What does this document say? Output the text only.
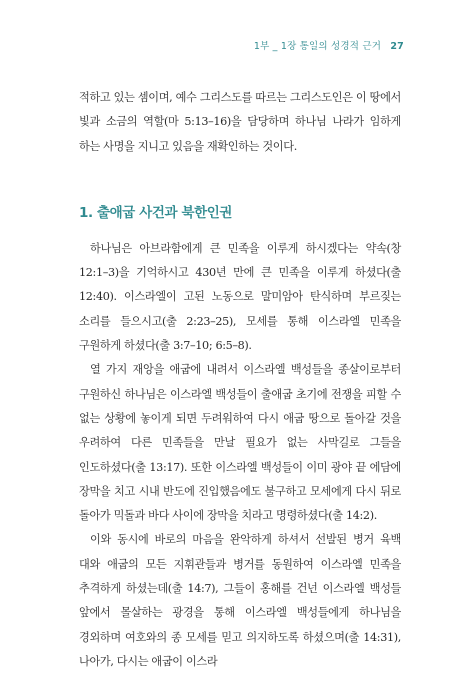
1부 _ 1장 통일의 성경적 근거 27

적하고 있는 셈이며, 예수 그리스도를 따르는 그리스도인은 이 땅에서 빛과 소금의 역할(마 5:13–16)을 담당하며 하나님 나라가 임하게 하는 사명을 지니고 있음을 재확인하는 것이다.

1. 출애굽 사건과 북한인권

하나님은 아브라함에게 큰 민족을 이루게 하시겠다는 약속(창 12:1–3)을 기억하시고 430년 만에 큰 민족을 이루게 하셨다(출 12:40). 이스라엘이 고된 노동으로 말미암아 탄식하며 부르짖는 소리를 들으시고(출 2:23–25), 모세를 통해 이스라엘 민족을 구원하게 하셨다(출 3:7–10; 6:5–8).

열 가지 재앙을 애굽에 내려서 이스라엘 백성들을 종살이로부터 구원하신 하나님은 이스라엘 백성들이 출애굽 초기에 전쟁을 피할 수 없는 상황에 놓이게 되면 두려워하여 다시 애굽 땅으로 돌아갈 것을 우려하여 다른 민족들을 만날 필요가 없는 사막길로 그들을 인도하셨다(출 13:17). 또한 이스라엘 백성들이 이미 광야 끝 에담에 장막을 치고 시내 반도에 진입했음에도 불구하고 모세에게 다시 뒤로 돌아가 믹돌과 바다 사이에 장막을 치라고 명령하셨다(출 14:2).

이와 동시에 바로의 마음을 완악하게 하셔서 선발된 병거 육백 대와 애굽의 모든 지휘관들과 병거를 동원하여 이스라엘 민족을 추격하게 하셨는데(출 14:7), 그들이 홍해를 건넌 이스라엘 백성들 앞에서 몰살하는 광경을 통해 이스라엘 백성들에게 하나님을 경외하며 여호와의 종 모세를 믿고 의지하도록 하셨으며(출 14:31), 나아가, 다시는 애굽이 이스라
